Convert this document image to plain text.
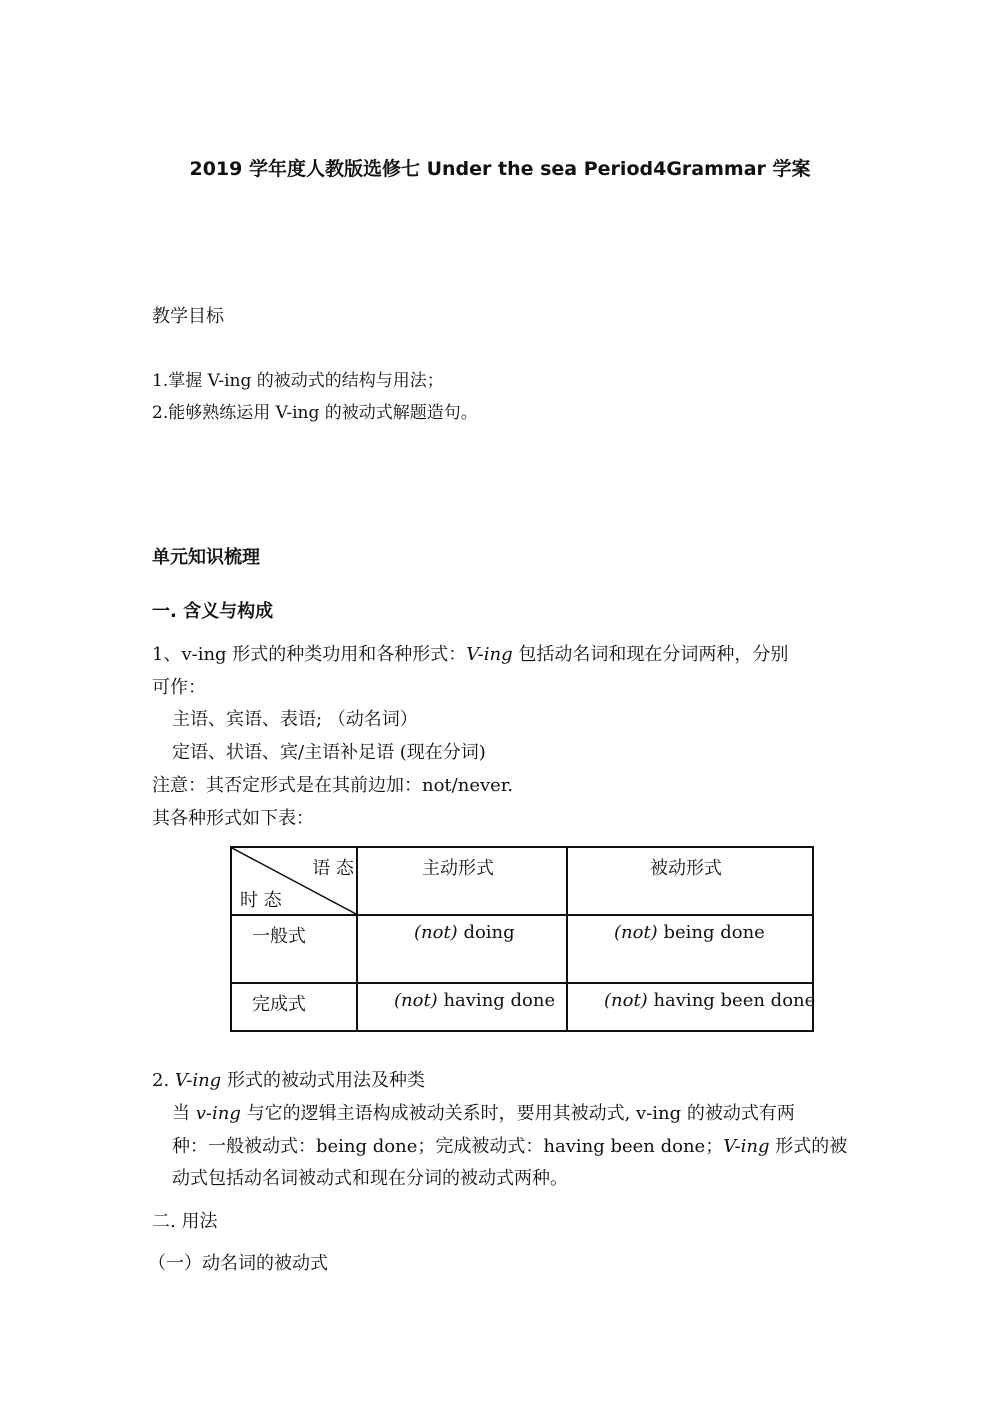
2019 学年度人教版选修七 Under the sea Period4Grammar 学案
教学目标
1.掌握 V-ing 的被动式的结构与用法；
2.能够熟练运用 V-ing 的被动式解题造句。
单元知识梳理
一. 含义与构成
1、v-ing 形式的种类功用和各种形式：V-ing 包括动名词和现在分词两种，分别
可作：
主语、宾语、表语; （动名词）
定语、状语、宾/主语补足语 (现在分词)
注意：其否定形式是在其前边加：not/never.
其各种形式如下表：
语 态
时 态	主动形式	被动形式

一般式	(not) doing	(not) being done

完成式	(not) having done	(not) having been done
2. V-ing 形式的被动式用法及种类
当 v-ing 与它的逻辑主语构成被动关系时，要用其被动式, v-ing 的被动式有两
种：一般被动式：being done；完成被动式：having been done；V-ing 形式的被
动式包括动名词被动式和现在分词的被动式两种。
二. 用法
（一）动名词的被动式
